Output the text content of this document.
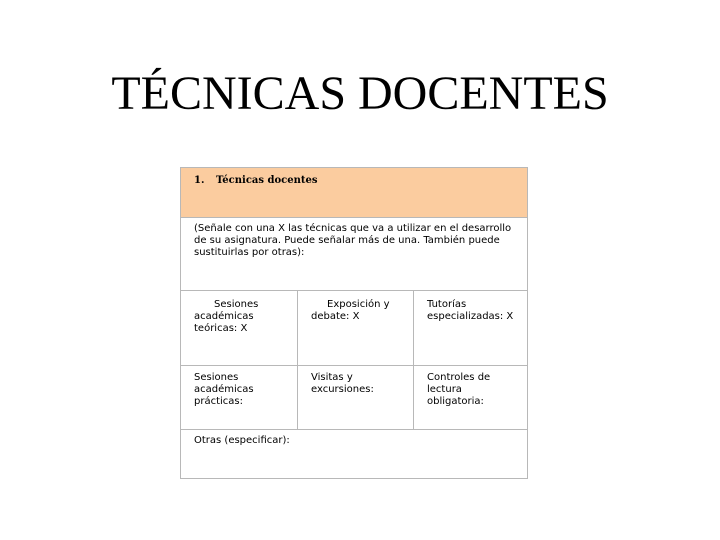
TÉCNICAS DOCENTES
1. Técnicas docentes
(Señale con una X las técnicas que va a utilizar en el desarrollo de su asignatura. Puede señalar más de una. También puede sustituirlas por otras):
Sesiones académicas teóricas: X
Exposición y debate: X
Tutorías especializadas: X
Sesiones académicas prácticas:
Visitas y excursiones:
Controles de lectura obligatoria:
Otras (especificar):
